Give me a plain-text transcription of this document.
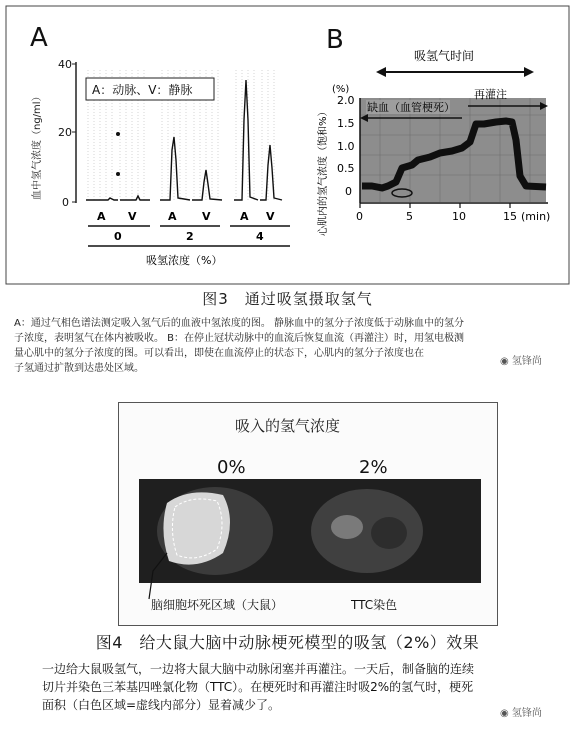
A
血中氢气浓度（ng/ml）
40
20
0
A：动脉、V：静脉
A V	A V	A V
0	2	4
吸氢浓度（%）
B
吸氢气时间
(%)
心肌内的氢气浓度（饱和%）
2.0
1.5
1.0
0.5
0
缺血（血管梗死）
再灌注
0	5	10	15 (min)
图3　通过吸氢摄取氢气
A：通过气相色谱法测定吸入氢气后的血液中氢浓度的图。 静脉血中的氢分子浓度低于动脉血中的氢分
子浓度，表明氢气在体内被吸收。 B：在停止冠状动脉中的血流后恢复血流（再灌注）时，用氢电极测
量心肌中的氢分子浓度的图。可以看出，即使在血流停止的状态下，心肌内的氢分子浓度也在
子氢通过扩散到达患处区域。
◉ 氢锋尚
吸入的氢气浓度
0%	2%
脑细胞坏死区域（大鼠）	TTC染色
图4　给大鼠大脑中动脉梗死模型的吸氢（2%）效果
一边给大鼠吸氢气，一边将大鼠大脑中动脉闭塞并再灌注。一天后，制备脑的连续
切片并染色三苯基四唑氯化物（TTC）。在梗死时和再灌注时吸2%的氢气时，梗死
面积（白色区域=虚线内部分）显着减少了。
◉ 氢锋尚
